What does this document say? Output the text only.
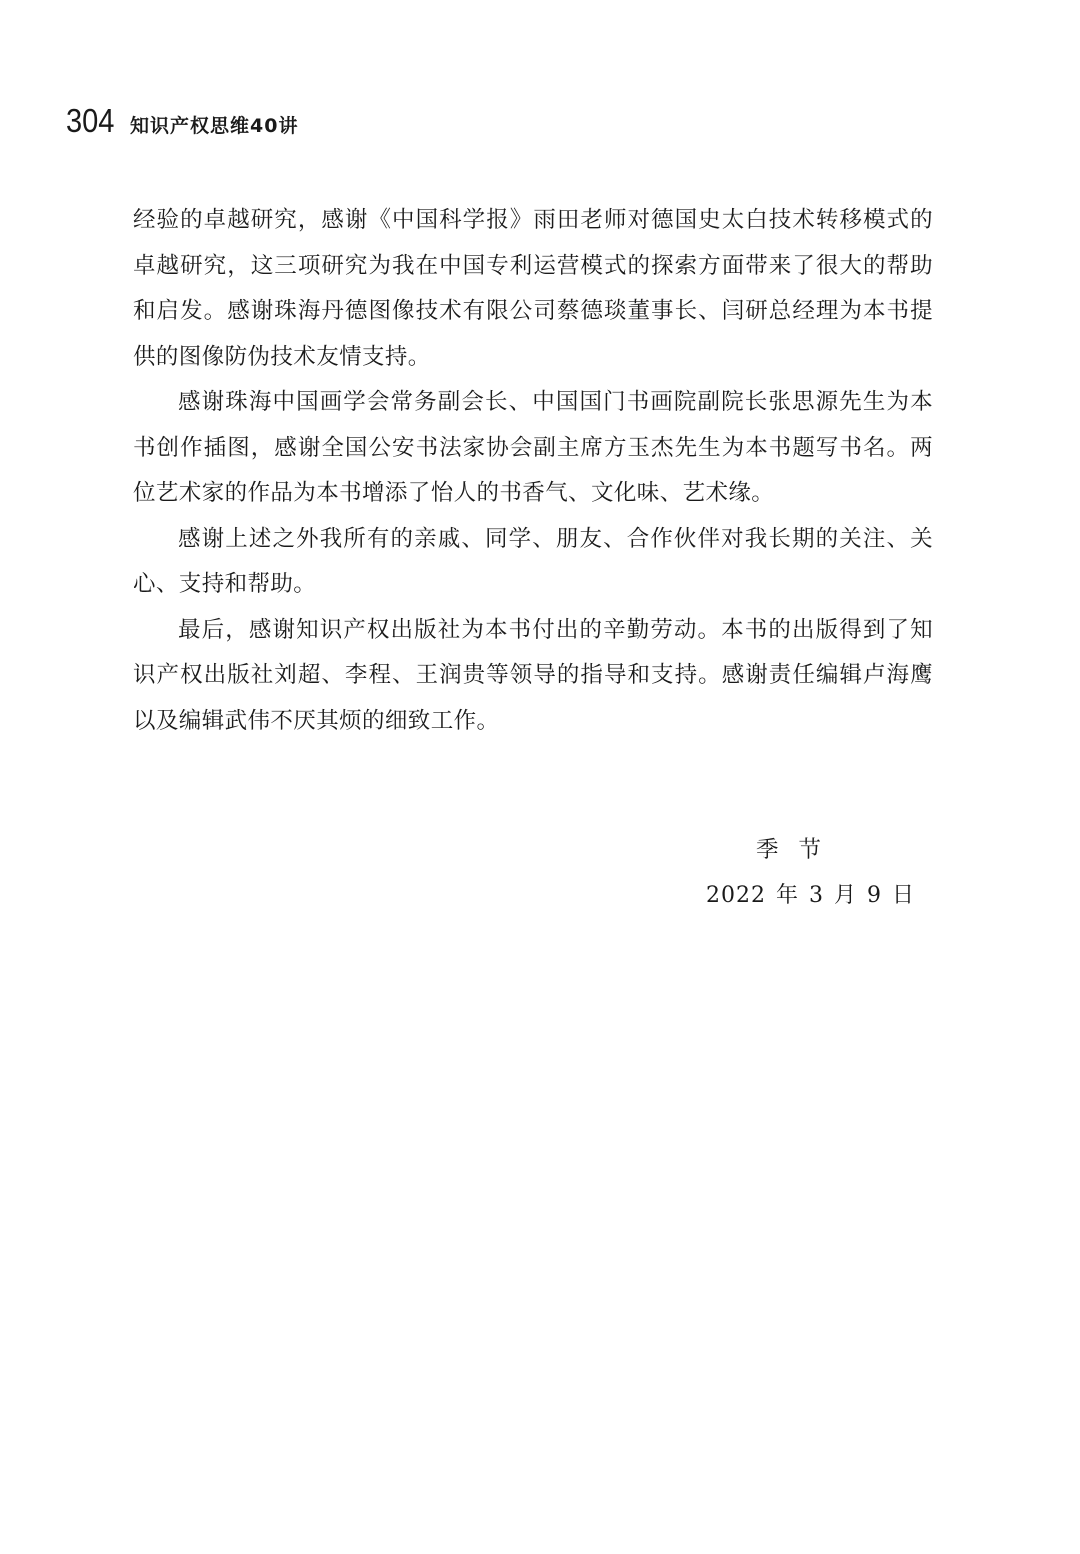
304 知识产权思维40讲

经验的卓越研究，感谢《中国科学报》雨田老师对德国史太白技术转移模式的卓越研究，这三项研究为我在中国专利运营模式的探索方面带来了很大的帮助和启发。感谢珠海丹德图像技术有限公司蔡德琰董事长、闫研总经理为本书提供的图像防伪技术友情支持。

感谢珠海中国画学会常务副会长、中国国门书画院副院长张思源先生为本书创作插图，感谢全国公安书法家协会副主席方玉杰先生为本书题写书名。两位艺术家的作品为本书增添了怡人的书香气、文化味、艺术缘。

感谢上述之外我所有的亲戚、同学、朋友、合作伙伴对我长期的关注、关心、支持和帮助。

最后，感谢知识产权出版社为本书付出的辛勤劳动。本书的出版得到了知识产权出版社刘超、李程、王润贵等领导的指导和支持。感谢责任编辑卢海鹰以及编辑武伟不厌其烦的细致工作。

季节
2022 年 3 月 9 日
